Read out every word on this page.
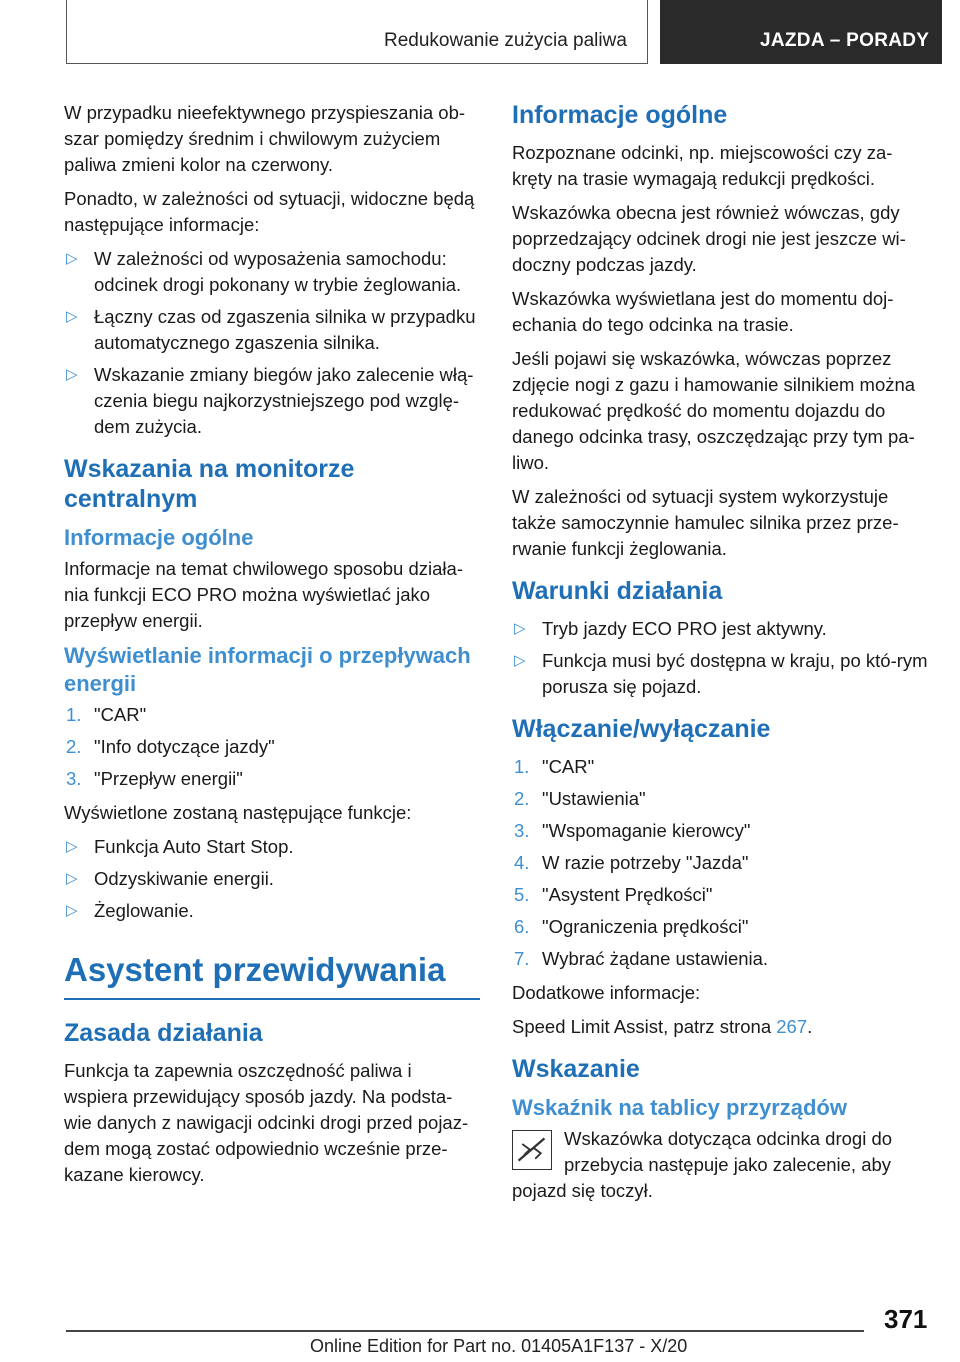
Redukowanie zużycia paliwa	JAZDA – PORADY

W przypadku nieefektywnego przyspieszania ob-szar pomiędzy średnim i chwilowym zużyciem paliwa zmieni kolor na czerwony.

Ponadto, w zależności od sytuacji, widoczne będą następujące informacje:

▷ W zależności od wyposażenia samochodu: odcinek drogi pokonany w trybie żeglowania.
▷ Łączny czas od zgaszenia silnika w przypadku automatycznego zgaszenia silnika.
▷ Wskazanie zmiany biegów jako zalecenie włą-czenia biegu najkorzystniejszego pod wzglę-dem zużycia.
Wskazania na monitorze centralnym
Informacje ogólne

Informacje na temat chwilowego sposobu działa-nia funkcji ECO PRO można wyświetlać jako przepływ energii.

Wyświetlanie informacji o przepływach energii
1. "CAR"
2. "Info dotyczące jazdy"
3. "Przepływ energii"

Wyświetlone zostaną następujące funkcje:

▷ Funkcja Auto Start Stop.
▷ Odzyskiwanie energii.
▷ Żeglowanie.
Asystent przewidywania
Zasada działania

Funkcja ta zapewnia oszczędność paliwa i wspiera przewidujący sposób jazdy. Na podsta-wie danych z nawigacji odcinki drogi przed pojaz-dem mogą zostać odpowiednio wcześnie prze-kazane kierowcy.

Informacje ogólne

Rozpoznane odcinki, np. miejscowości czy za-kręty na trasie wymagają redukcji prędkości.

Wskazówka obecna jest również wówczas, gdy poprzedzający odcinek drogi nie jest jeszcze wi-doczny podczas jazdy.

Wskazówka wyświetlana jest do momentu doj-echania do tego odcinka na trasie.

Jeśli pojawi się wskazówka, wówczas poprzez zdjęcie nogi z gazu i hamowanie silnikiem można redukować prędkość do momentu dojazdu do danego odcinka trasy, oszczędzając przy tym pa-liwo.

W zależności od sytuacji system wykorzystuje także samoczynnie hamulec silnika przez prze-rwanie funkcji żeglowania.

Warunki działania
▷ Tryb jazdy ECO PRO jest aktywny.
▷ Funkcja musi być dostępna w kraju, po któ-rym porusza się pojazd.
Włączanie/wyłączanie
1. "CAR"
2. "Ustawienia"
3. "Wspomaganie kierowcy"
4. W razie potrzeby "Jazda"
5. "Asystent Prędkości"
6. "Ograniczenia prędkości"
7. Wybrać żądane ustawienia.

Dodatkowe informacje:

Speed Limit Assist, patrz strona 267.

Wskazanie
Wskaźnik na tablicy przyrządów

Wskazówka dotycząca odcinka drogi do przebycia następuje jako zalecenie, aby pojazd się toczył.

371
Online Edition for Part no. 01405A1F137 - X/20
